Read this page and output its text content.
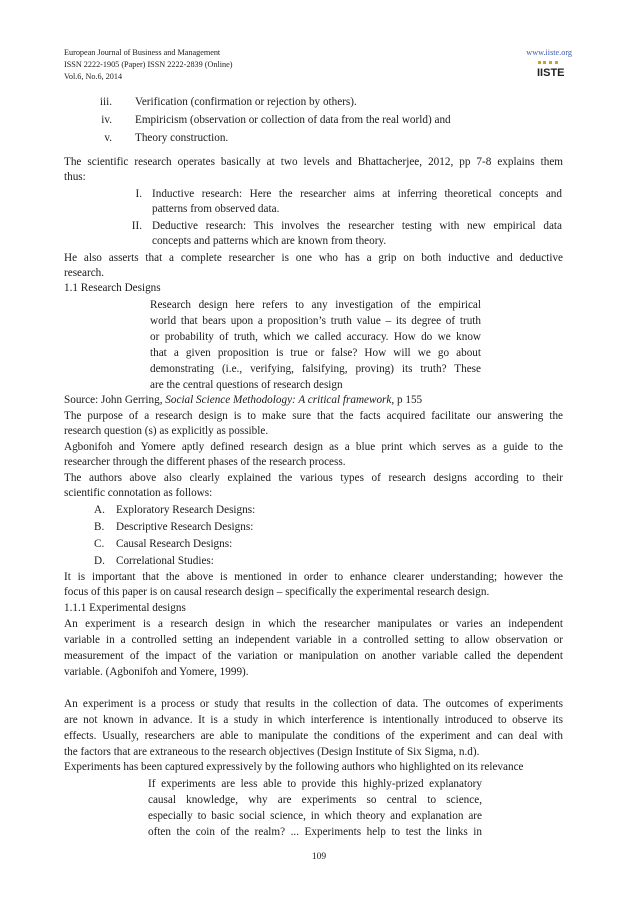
European Journal of Business and Management
ISSN 2222-1905 (Paper) ISSN 2222-2839 (Online)
Vol.6, No.6, 2014
www.iiste.org
IISTE
iii. Verification (confirmation or rejection by others).
iv. Empiricism (observation or collection of data from the real world) and
v. Theory construction.
The scientific research operates basically at two levels and Bhattacherjee, 2012, pp 7-8 explains them
thus:
I. Inductive research: Here the researcher aims at inferring theoretical concepts and
patterns from observed data.
II. Deductive research: This involves the researcher testing with new empirical data
concepts and patterns which are known from theory.
He also asserts that a complete researcher is one who has a grip on both inductive and deductive
research.
1.1 Research Designs
Research design here refers to any investigation of the empirical
world that bears upon a proposition’s truth value – its degree of truth
or probability of truth, which we called accuracy. How do we know
that a given proposition is true or false? How will we go about
demonstrating (i.e., verifying, falsifying, proving) its truth? These
are the central questions of research design
Source: John Gerring, Social Science Methodology: A critical framework, p 155
The purpose of a research design is to make sure that the facts acquired facilitate our answering the
research question (s) as explicitly as possible.
Agbonifoh and Yomere aptly defined research design as a blue print which serves as a guide to the
researcher through the different phases of the research process.
The authors above also clearly explained the various types of research designs according to their
scientific connotation as follows:
A. Exploratory Research Designs:
B. Descriptive Research Designs:
C. Causal Research Designs:
D. Correlational Studies:
It is important that the above is mentioned in order to enhance clearer understanding; however the
focus of this paper is on causal research design – specifically the experimental research design.
1.1.1 Experimental designs
An experiment is a research design in which the researcher manipulates or varies an independent
variable in a controlled setting an independent variable in a controlled setting to allow observation or
measurement of the impact of the variation or manipulation on another variable called the dependent
variable. (Agbonifoh and Yomere, 1999).
An experiment is a process or study that results in the collection of data. The outcomes of experiments
are not known in advance. It is a study in which interference is intentionally introduced to observe its
effects. Usually, researchers are able to manipulate the conditions of the experiment and can deal with
the factors that are extraneous to the research objectives (Design Institute of Six Sigma, n.d).
Experiments has been captured expressively by the following authors who highlighted on its relevance
If experiments are less able to provide this highly-prized explanatory
causal knowledge, why are experiments so central to science,
especially to basic social science, in which theory and explanation are
often the coin of the realm? ... Experiments help to test the links in
109
